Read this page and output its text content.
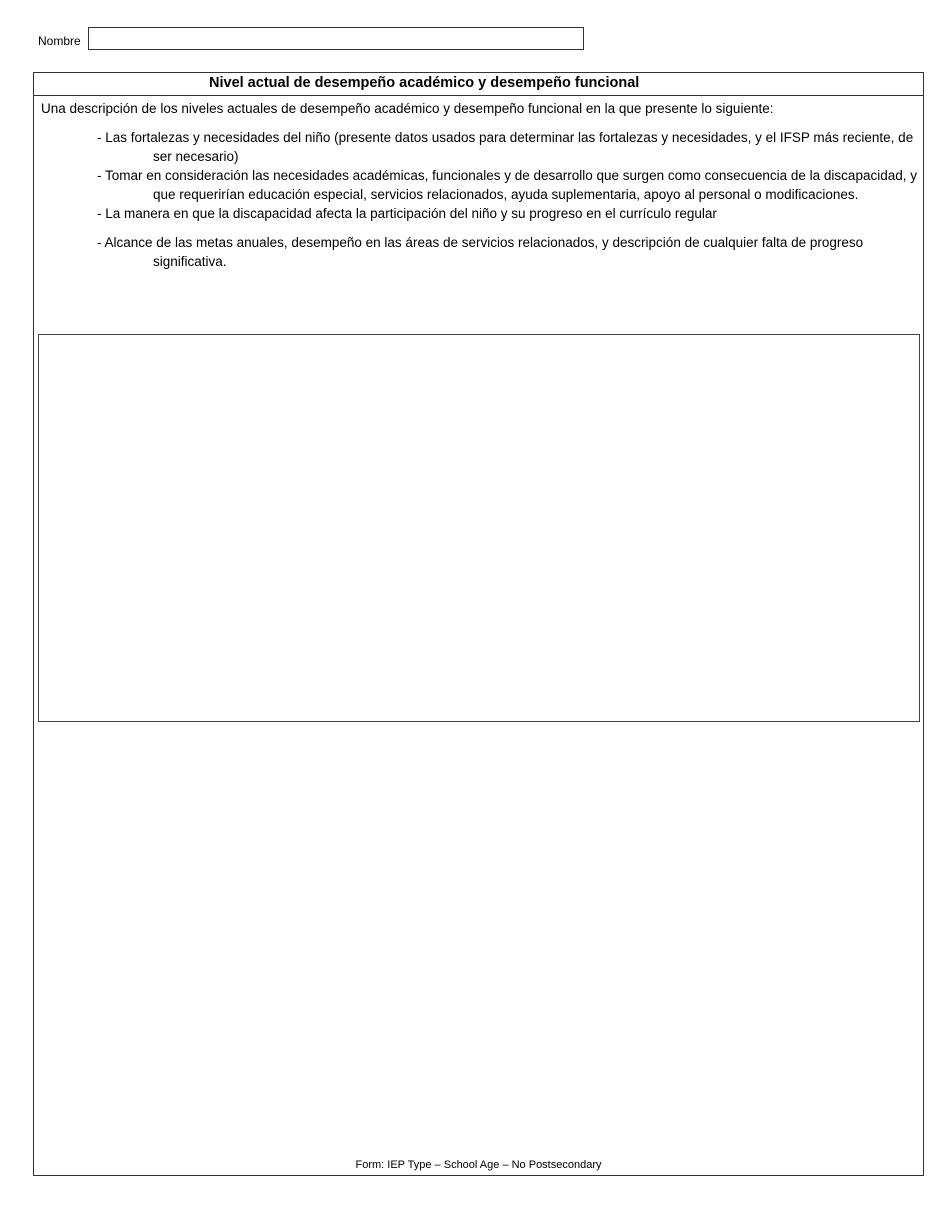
Nombre
Nivel actual de desempeño académico y desempeño funcional
Una descripción de los niveles actuales de desempeño académico y desempeño funcional en la que presente lo siguiente:
- Las fortalezas y necesidades del niño (presente datos usados para determinar las fortalezas y necesidades, y el IFSP más reciente, de ser necesario)
- Tomar en consideración las necesidades académicas, funcionales y de desarrollo que surgen como consecuencia de la discapacidad, y que requerirían educación especial, servicios relacionados, ayuda suplementaria, apoyo al personal o modificaciones.
- La manera en que la discapacidad afecta la participación del niño y su progreso en el currículo regular
- Alcance de las metas anuales, desempeño en las áreas de servicios relacionados, y descripción de cualquier falta de progreso significativa.
Form: IEP Type – School Age – No Postsecondary
